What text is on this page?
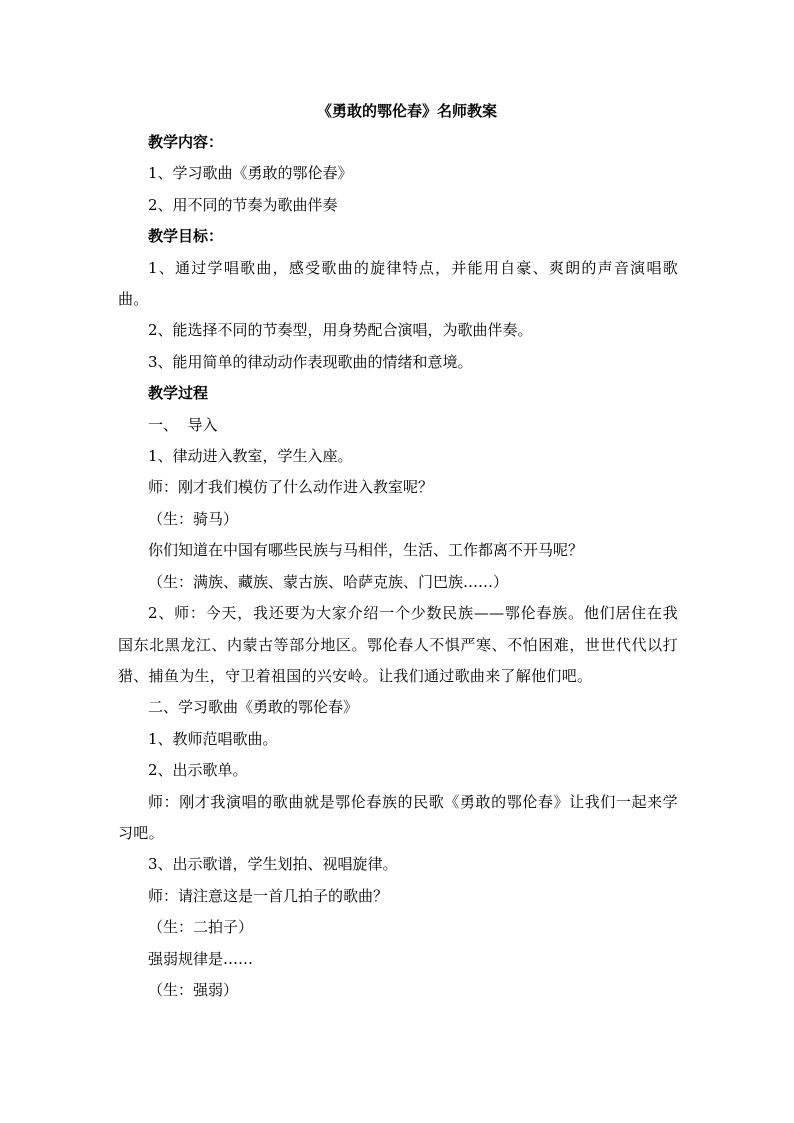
《勇敢的鄂伦春》名师教案

教学内容：

1、学习歌曲《勇敢的鄂伦春》

2、用不同的节奏为歌曲伴奏

教学目标：

1、通过学唱歌曲，感受歌曲的旋律特点，并能用自豪、爽朗的声音演唱歌曲。

2、能选择不同的节奏型，用身势配合演唱，为歌曲伴奏。

3、能用简单的律动动作表现歌曲的情绪和意境。

教学过程

一、  导入

1、律动进入教室，学生入座。

师：刚才我们模仿了什么动作进入教室呢？

（生：骑马）

你们知道在中国有哪些民族与马相伴，生活、工作都离不开马呢？

（生：满族、藏族、蒙古族、哈萨克族、门巴族……）

2、师：今天，我还要为大家介绍一个少数民族——鄂伦春族。他们居住在我国东北黑龙江、内蒙古等部分地区。鄂伦春人不惧严寒、不怕困难，世世代代以打猎、捕鱼为生，守卫着祖国的兴安岭。让我们通过歌曲来了解他们吧。

二、学习歌曲《勇敢的鄂伦春》

1、教师范唱歌曲。

2、出示歌单。

师：刚才我演唱的歌曲就是鄂伦春族的民歌《勇敢的鄂伦春》让我们一起来学习吧。

3、出示歌谱，学生划拍、视唱旋律。

师：请注意这是一首几拍子的歌曲？

（生：二拍子）

强弱规律是……

（生：强弱）
